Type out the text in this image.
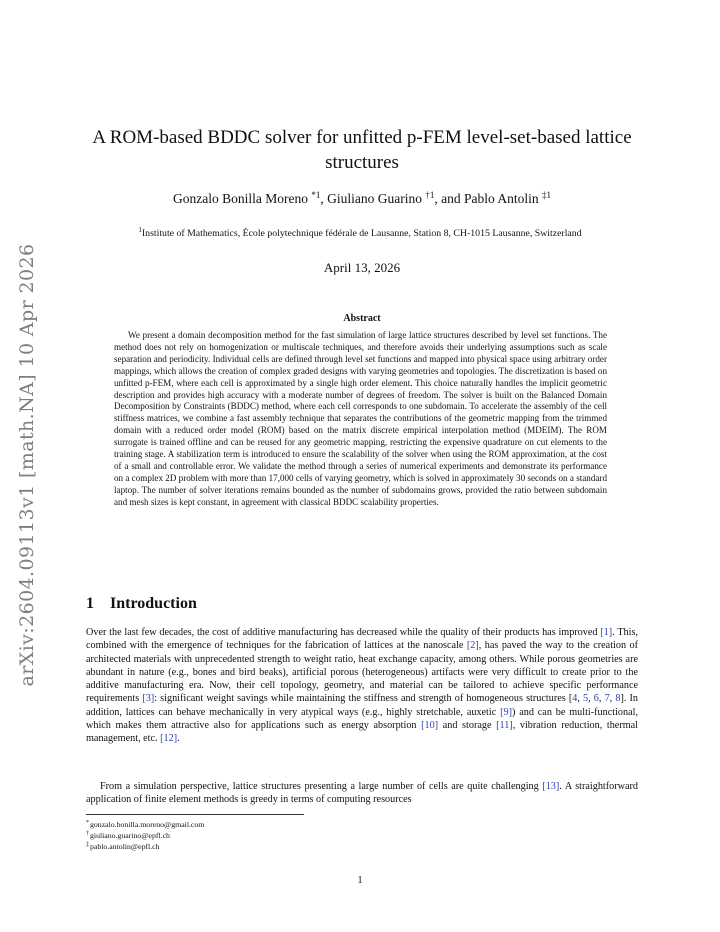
arXiv:2604.09113v1 [math.NA] 10 Apr 2026
A ROM-based BDDC solver for unfitted p-FEM level-set-based lattice structures
Gonzalo Bonilla Moreno $^{*1}$, Giuliano Guarino $^{\dagger 1}$, and Pablo Antolin $^{\ddagger 1}$
$^1$Institute of Mathematics, École polytechnique fédérale de Lausanne, Station 8, CH-1015 Lausanne, Switzerland
April 13, 2026
Abstract
We present a domain decomposition method for the fast simulation of large lattice structures described by level set functions. The method does not rely on homogenization or multiscale techniques, and therefore avoids their underlying assumptions such as scale separation and periodicity. Individual cells are defined through level set functions and mapped into physical space using arbitrary order mappings, which allows the creation of complex graded designs with varying geometries and topologies. The discretization is based on unfitted p-FEM, where each cell is approximated by a single high order element. This choice naturally handles the implicit geometric description and provides high accuracy with a moderate number of degrees of freedom. The solver is built on the Balanced Domain Decomposition by Constraints (BDDC) method, where each cell corresponds to one subdomain. To accelerate the assembly of the cell stiffness matrices, we combine a fast assembly technique that separates the contributions of the geometric mapping from the trimmed domain with a reduced order model (ROM) based on the matrix discrete empirical interpolation method (MDEIM). The ROM surrogate is trained offline and can be reused for any geometric mapping, restricting the expensive quadrature on cut elements to the training stage. A stabilization term is introduced to ensure the scalability of the solver when using the ROM approximation, at the cost of a small and controllable error. We validate the method through a series of numerical experiments and demonstrate its performance on a complex 2D problem with more than 17,000 cells of varying geometry, which is solved in approximately 30 seconds on a standard laptop. The number of solver iterations remains bounded as the number of subdomains grows, provided the ratio between subdomain and mesh sizes is kept constant, in agreement with classical BDDC scalability properties.
1 Introduction
Over the last few decades, the cost of additive manufacturing has decreased while the quality of their products has improved [1]. This, combined with the emergence of techniques for the fabrication of lattices at the nanoscale [2], has paved the way to the creation of architected materials with unprecedented strength to weight ratio, heat exchange capacity, among others. While porous geometries are abundant in nature (e.g., bones and bird beaks), artificial porous (heterogeneous) artifacts were very difficult to create prior to the additive manufacturing era. Now, their cell topology, geometry, and material can be tailored to achieve specific performance requirements [3]: significant weight savings while maintaining the stiffness and strength of homogeneous structures [4, 5, 6, 7, 8]. In addition, lattices can behave mechanically in very atypical ways (e.g., highly stretchable, auxetic [9]) and can be multi-functional, which makes them attractive also for applications such as energy absorption [10] and storage [11], vibration reduction, thermal management, etc. [12].
From a simulation perspective, lattice structures presenting a large number of cells are quite challenging [13]. A straightforward application of finite element methods is greedy in terms of computing resources
*gonzalo.bonilla.moreno@gmail.com
†giuliano.guarino@epfl.ch
‡pablo.antolin@epfl.ch
1
